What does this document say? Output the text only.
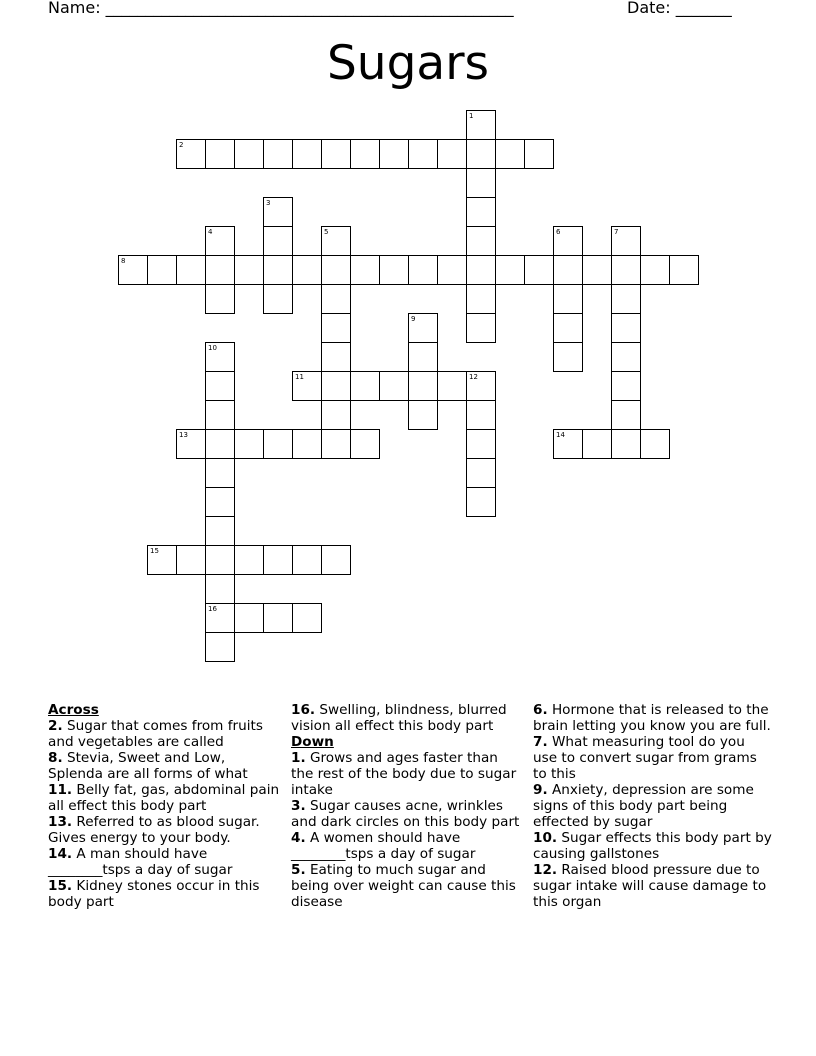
Name: ___________________________________________________	Date: _______
Sugars
2
1
3
4	5	6	7
8
9
10
11	12
13	14
15
16
Across

2. Sugar that comes from fruits and vegetables are called

8. Stevia, Sweet and Low, Splenda are all forms of what

11. Belly fat, gas, abdominal pain all effect this body part

13. Referred to as blood sugar. Gives energy to your body.

14. A man should have ________tsps a day of sugar

15. Kidney stones occur in this body part

16. Swelling, blindness, blurred vision all effect this body part

Down

1. Grows and ages faster than the rest of the body due to sugar intake

3. Sugar causes acne, wrinkles and dark circles on this body part

4. A women should have ________tsps a day of sugar

5. Eating to much sugar and being over weight can cause this disease

6. Hormone that is released to the brain letting you know you are full.

7. What measuring tool do you use to convert sugar from grams to this

9. Anxiety, depression are some signs of this body part being effected by sugar

10. Sugar effects this body part by causing gallstones

12. Raised blood pressure due to sugar intake will cause damage to this organ
